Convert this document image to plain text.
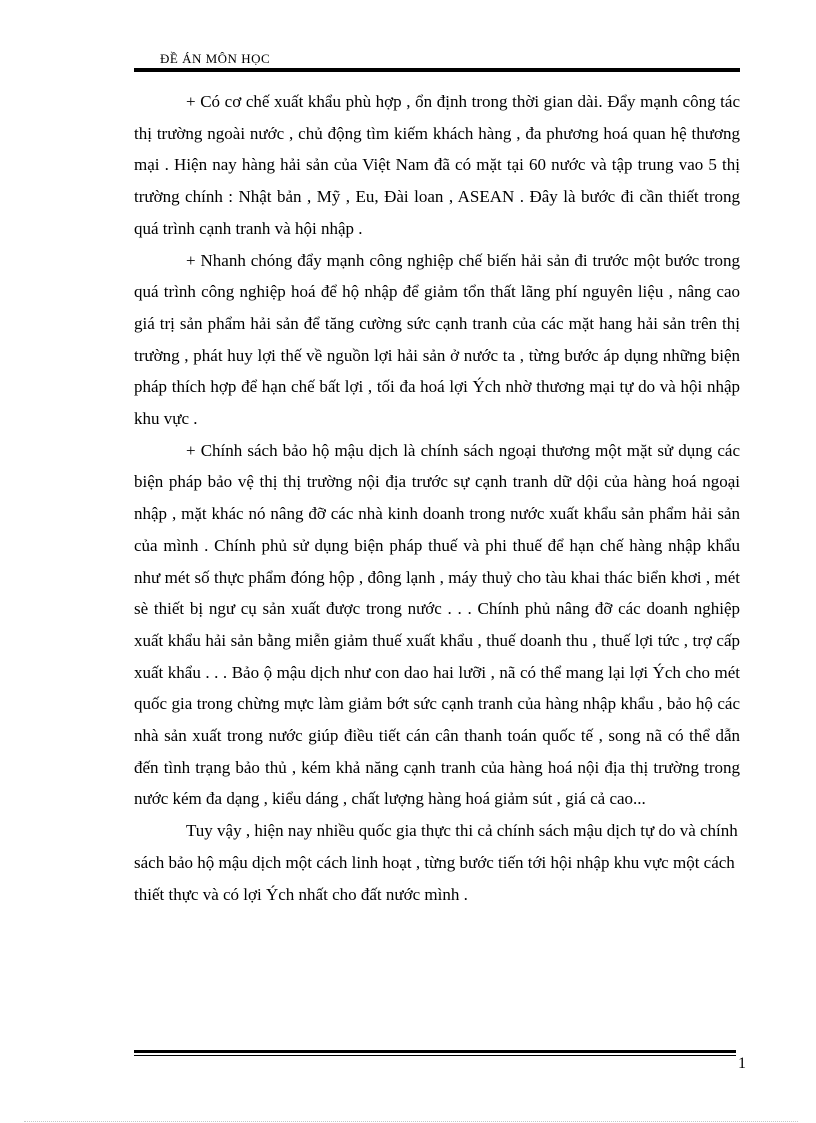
ĐỀ ÁN MÔN HỌC

+ Có cơ chế xuất khẩu phù hợp , ổn định trong thời gian dài. Đẩy mạnh công tác thị trường ngoài nước , chủ động tìm kiếm khách hàng , đa phương hoá quan hệ thương mại . Hiện nay hàng hải sản của Việt Nam đã có mặt tại 60 nước và tập trung vao 5 thị trường chính : Nhật bản , Mỹ , Eu, Đài loan , ASEAN . Đây là bước đi cần thiết trong quá trình cạnh tranh và hội nhập .

+ Nhanh chóng đẩy mạnh công nghiệp chế biến hải sản đi trước một bước trong quá trình công nghiệp hoá để hộ nhập để giảm tổn thất lãng phí nguyên liệu , nâng cao giá trị sản phẩm hải sản để tăng cường sức cạnh tranh của các mặt hang hải sản trên thị trường , phát huy lợi thế về nguồn lợi hải sản ở nước ta , từng bước áp dụng những biện pháp thích hợp để hạn chế bất lợi , tối đa hoá lợi Ých nhờ thương mại tự do và hội nhập khu vực .

+ Chính sách bảo hộ mậu dịch là chính sách ngoại thương một mặt sử dụng các biện pháp bảo vệ thị thị trường nội địa trước sự cạnh tranh dữ dội của hàng hoá ngoại nhập , mặt khác nó nâng đỡ các nhà kinh doanh trong nước xuất khẩu sản phẩm hải sản của mình . Chính phủ sử dụng biện pháp thuế và phi thuế để hạn chế hàng nhập khẩu như mét số thực phẩm đóng hộp , đông lạnh , máy thuỷ cho tàu khai thác biển khơi , mét sè thiết bị ngư cụ sản xuất được trong nước . . . Chính phủ nâng đỡ các doanh nghiệp xuất khẩu hải sản bằng miễn giảm thuế xuất khẩu , thuế doanh thu , thuế lợi tức , trợ cấp xuất khẩu . . . Bảo ộ mậu dịch như con dao hai lưỡi , nã có thể mang lại lợi Ých cho mét quốc gia trong chừng mực làm giảm bớt sức cạnh tranh của hàng nhập khẩu , bảo hộ các nhà sản xuất trong nước giúp điều tiết cán cân thanh toán quốc tế , song nã có thể dẫn đến tình trạng bảo thủ , kém khả năng cạnh tranh của hàng hoá nội địa thị trường trong nước kém đa dạng , kiểu dáng , chất lượng hàng hoá giảm sút , giá cả cao...

Tuy vậy , hiện nay nhiều quốc gia thực thi cả chính sách mậu dịch tự do và chính sách bảo hộ mậu dịch một cách linh hoạt , từng bước tiến tới hội nhập khu vực một cách thiết thực và có lợi Ých nhất cho đất nước mình .

1
